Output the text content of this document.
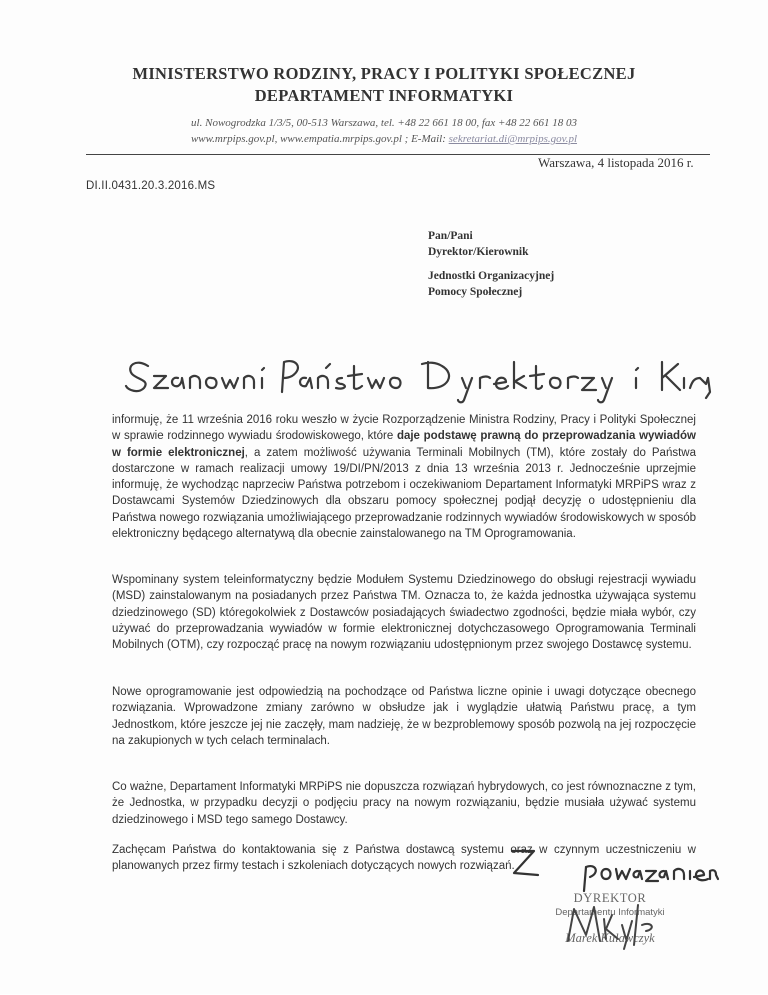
MINISTERSTWO RODZINY, PRACY I POLITYKI SPOŁECZNEJ
DEPARTAMENT INFORMATYKI
ul. Nowogrodzka 1/3/5, 00-513 Warszawa, tel. +48 22 661 18 00, fax +48 22 661 18 03
www.mrpips.gov.pl, www.empatia.mrpips.gov.pl ; E-Mail: sekretariat.di@mrpips.gov.pl
Warszawa, 4 listopada 2016 r.
DI.II.0431.20.3.2016.MS
Pan/Pani
Dyrektor/Kierownik
Jednostki Organizacyjnej
Pomocy Społecznej

informuję, że 11 września 2016 roku weszło w życie Rozporządzenie Ministra Rodziny, Pracy i Polityki Społecznej w sprawie rodzinnego wywiadu środowiskowego, które daje podstawę prawną do przeprowadzania wywiadów w formie elektronicznej, a zatem możliwość używania Terminali Mobilnych (TM), które zostały do Państwa dostarczone w ramach realizacji umowy 19/DI/PN/2013 z dnia 13 września 2013 r. Jednocześnie uprzejmie informuję, że wychodząc naprzeciw Państwa potrzebom i oczekiwaniom Departament Informatyki MRPiPS wraz z Dostawcami Systemów Dziedzinowych dla obszaru pomocy społecznej podjął decyzję o udostępnieniu dla Państwa nowego rozwiązania umożliwiającego przeprowadzanie rodzinnych wywiadów środowiskowych w sposób elektroniczny będącego alternatywą dla obecnie zainstalowanego na TM Oprogramowania.

Wspominany system teleinformatyczny będzie Modułem Systemu Dziedzinowego do obsługi rejestracji wywiadu (MSD) zainstalowanym na posiadanych przez Państwa TM. Oznacza to, że każda jednostka używająca systemu dziedzinowego (SD) któregokolwiek z Dostawców posiadających świadectwo zgodności, będzie miała wybór, czy używać do przeprowadzania wywiadów w formie elektronicznej dotychczasowego Oprogramowania Terminali Mobilnych (OTM), czy rozpocząć pracę na nowym rozwiązaniu udostępnionym przez swojego Dostawcę systemu.

Nowe oprogramowanie jest odpowiedzią na pochodzące od Państwa liczne opinie i uwagi dotyczące obecnego rozwiązania. Wprowadzone zmiany zarówno w obsłudze jak i wyglądzie ułatwią Państwu pracę, a tym Jednostkom, które jeszcze jej nie zaczęły, mam nadzieję, że w bezproblemowy sposób pozwolą na jej rozpoczęcie na zakupionych w tych celach terminalach.

Co ważne, Departament Informatyki MRPiPS nie dopuszcza rozwiązań hybrydowych, co jest równoznaczne z tym, że Jednostka, w przypadku decyzji o podjęciu pracy na nowym rozwiązaniu, będzie musiała używać systemu dziedzinowego i MSD tego samego Dostawcy.

Zachęcam Państwa do kontaktowania się z Państwa dostawcą systemu oraz w czynnym uczestniczeniu w planowanych przez firmy testach i szkoleniach dotyczących nowych rozwiązań.

DYREKTOR
Departamentu Informatyki
Marek Kulawczyk
